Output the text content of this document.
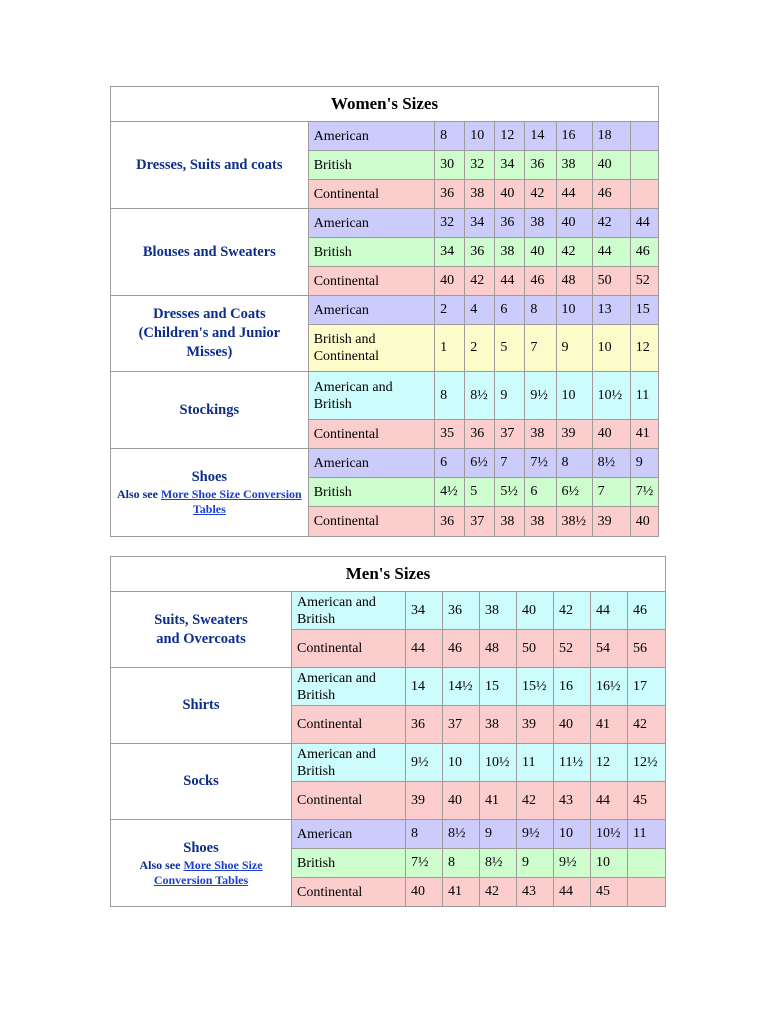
Women's Sizes								

Dresses, Suits and coats	American	8	10	12	14	16	18	
	British	30	32	34	36	38	40	
	Continental	36	38	40	42	44	46	

Blouses and Sweaters	American	32	34	36	38	40	42	44
	British	34	36	38	40	42	44	46
	Continental	40	42	44	46	48	50	52

Dresses and Coats
(Children's and Junior
Misses)	American	2	4	6	8	10	13	15
	British and Continental	1	2	5	7	9	10	12

Stockings	American and British	8	8½	9	9½	10	10½	11
	Continental	35	36	37	38	39	40	41

Shoes
Also see More Shoe Size Conversion Tables	American	6	6½	7	7½	8	8½	9
	British	4½	5	5½	6	6½	7	7½
	Continental	36	37	38	38	38½	39	40
Men's Sizes								

Suits, Sweaters
and Overcoats	American and British	34	36	38	40	42	44	46
	Continental	44	46	48	50	52	54	56

Shirts	American and British	14	14½	15	15½	16	16½	17
	Continental	36	37	38	39	40	41	42

Socks	American and British	9½	10	10½	11	11½	12	12½
	Continental	39	40	41	42	43	44	45

Shoes
Also see More Shoe Size Conversion Tables	American	8	8½	9	9½	10	10½	11
	British	7½	8	8½	9	9½	10	
	Continental	40	41	42	43	44	45	
